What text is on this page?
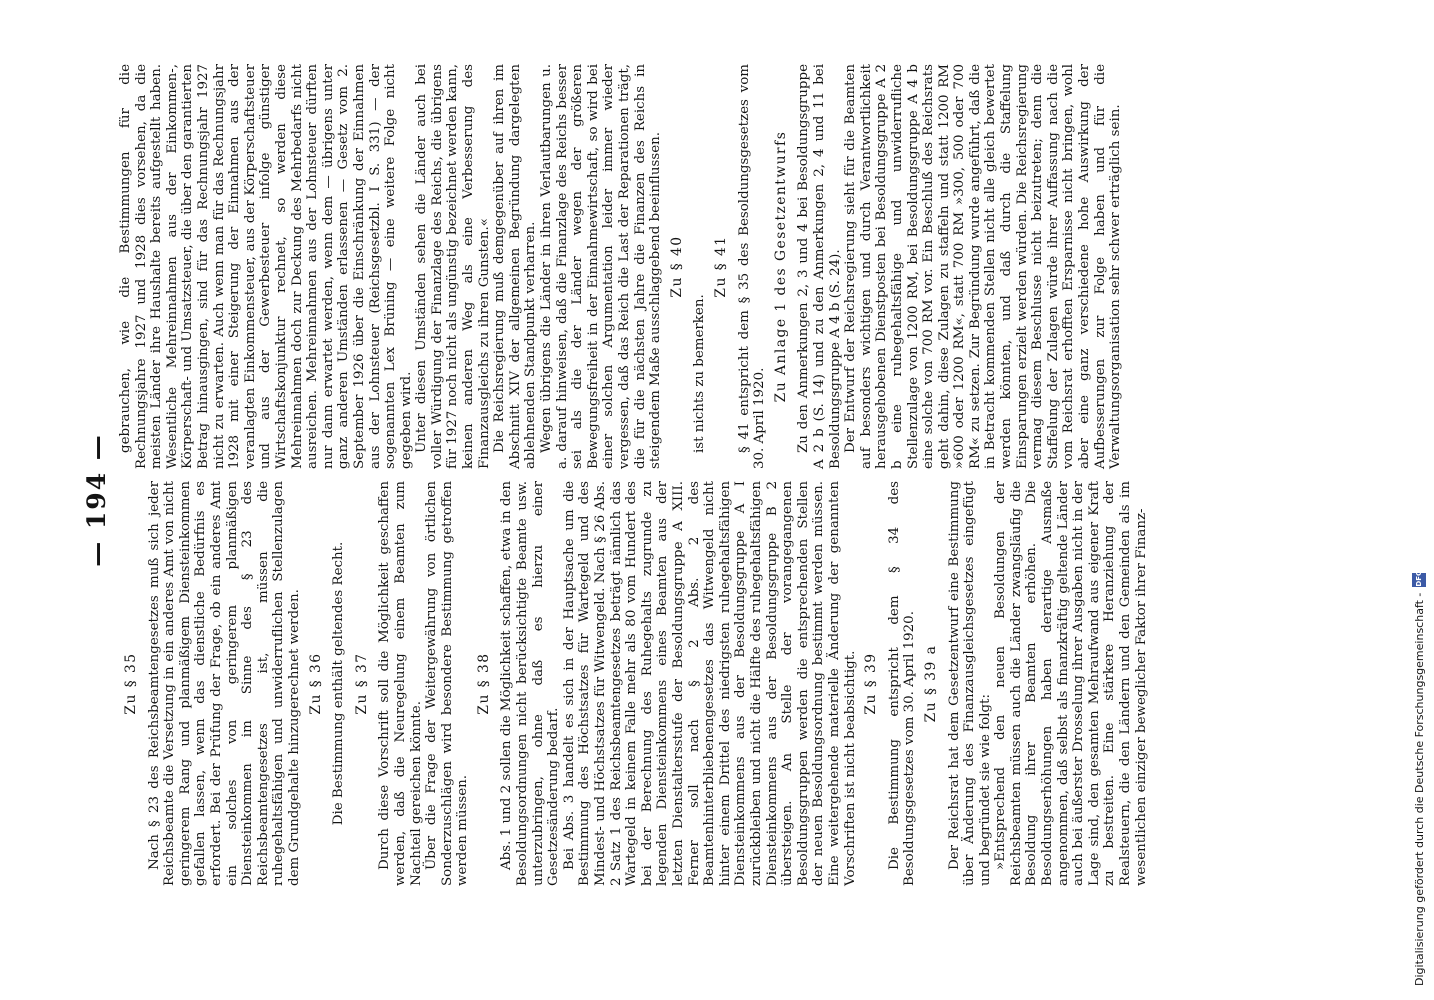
— 194 —

gebrauchen, wie die Bestimmungen für die Rechnungsjahre 1927 und 1928 dies vorsehen, da die meisten Länder ihre Haushalte bereits aufgestellt haben. Wesentliche Mehreinnahmen aus der Einkommen-, Körperschaft- und Umsatzsteuer, die über den garantierten Betrag hinausgingen, sind für das Rechnungsjahr 1927 nicht zu erwarten. Auch wenn man für das Rechnungsjahr 1928 mit einer Steigerung der Einnahmen aus der veranlagten Einkommensteuer, aus der Körperschaftsteuer und aus der Gewerbesteuer infolge günstiger Wirtschaftskonjunktur rechnet, so werden diese Mehreinnahmen doch zur Deckung des Mehrbedarfs nicht ausreichen. Mehreinnahmen aus der Lohnsteuer dürften nur dann erwartet werden, wenn dem — übrigens unter ganz anderen Umständen erlassenen — Gesetz vom 2. September 1926 über die Einschränkung der Einnahmen aus der Lohnsteuer (Reichsgesetzbl. I S. 331) — der sogenannten Lex Brüning — eine weitere Folge nicht gegeben wird. Unter diesen Umständen sehen die Länder auch bei voller Würdigung der Finanzlage des Reichs, die übrigens für 1927 noch nicht als ungünstig bezeichnet werden kann, keinen anderen Weg als eine Verbesserung des Finanzausgleichs zu ihren Gunsten.« Die Reichsregierung muß demgegenüber auf ihren im Abschnitt XIV der allgemeinen Begründung dargelegten ablehnenden Standpunkt verharren. Wegen übrigens die Länder in ihren Verlautbarungen u. a. darauf hinweisen, daß die Finanzlage des Reichs besser sei als die der Länder wegen der größeren Bewegungsfreiheit in der Einnahmewirtschaft, so wird bei einer solchen Argumentation leider immer wieder vergessen, daß das Reich die Last der Reparationen trägt, die für die nächsten Jahre die Finanzen des Reichs in steigendem Maße ausschlaggebend beeinflussen. Zu § 40

ist nichts zu bemerken.

Zu § 41 § 41 entspricht dem § 35 des Besoldungsgesetzes vom 30. April 1920.

Zu Anlage 1 des Gesetzentwurfs Zu den Anmerkungen 2, 3 und 4 bei Besoldungsgruppe A 2 b (S. 14) und zu den Anmerkungen 2, 4 und 11 bei Besoldungsgruppe A 4 b (S. 24). Der Entwurf der Reichsregierung sieht für die Beamten auf besonders wichtigen und durch Verantwortlichkeit herausgehobenen Dienstposten bei Besoldungsgruppe A 2 b eine ruhegehaltsfähige und unwiderrufliche Stellenzulage von 1200 RM, bei Besoldungsgruppe A 4 b eine solche von 700 RM vor. Ein Beschluß des Reichsrats geht dahin, diese Zulagen zu staffeln und statt 1200 RM »600 oder 1200 RM«, statt 700 RM »300, 500 oder 700 RM« zu setzen. Zur Begründung wurde angeführt, daß die in Betracht kommenden Stellen nicht alle gleich bewertet werden könnten, und daß durch die Staffelung Einsparungen erzielt werden würden. Die Reichsregierung vermag diesem Beschlusse nicht beizutreten; denn die Staffelung der Zulagen würde ihrer Auffassung nach die vom Reichsrat erhofften Ersparnisse nicht bringen, wohl aber eine ganz verschiedene hohe Auswirkung der Aufbesserungen zur Folge haben und für die Verwaltungsorganisation sehr schwer erträglich sein.

Zu § 35 Nach § 23 des Reichsbeamtengesetzes muß sich jeder Reichsbeamte die Versetzung in ein anderes Amt von nicht geringerem Rang und planmäßigem Diensteinkommen gefallen lassen, wenn das dienstliche Bedürfnis es erfordert. Bei der Prüfung der Frage, ob ein anderes Amt ein solches von geringerem planmäßigen Diensteinkommen im Sinne des § 23 des Reichsbeamtengesetzes ist, müssen die ruhegehaltsfähigen und unwiderruflichen Stellenzulagen dem Grundgehalte hinzugerechnet werden. Zu § 36 Die Bestimmung enthält geltendes Recht. Zu § 37 Durch diese Vorschrift soll die Möglichkeit geschaffen werden, daß die Neuregelung einem Beamten zum Nachteil gereichen könnte. Über die Frage der Weitergewährung von örtlichen Sonderzuschlägen wird besondere Bestimmung getroffen werden müssen.

Zu § 38 Abs. 1 und 2 sollen die Möglichkeit schaffen, etwa in den Besoldungsordnungen nicht berücksichtigte Beamte usw. unterzubringen, ohne daß es hierzu einer Gesetzesänderung bedarf. Bei Abs. 3 handelt es sich in der Hauptsache um die Bestimmung des Höchstsatzes für Wartegeld und des Mindest- und Höchstsatzes für Witwengeld. Nach § 26 Abs. 2 Satz 1 des Reichsbeamtengesetzes beträgt nämlich das Wartegeld in keinem Falle mehr als 80 vom Hundert des bei der Berechnung des Ruhegehalts zugrunde zu legenden Diensteinkommens eines Beamten aus der letzten Dienstaltersstufe der Besoldungsgruppe A XIII. Ferner soll nach § 2 Abs. 2 des Beamtenhinterbliebenengesetzes das Witwengeld nicht hinter einem Drittel des niedrigsten ruhegehaltsfähigen Diensteinkommens aus der Besoldungsgruppe A I zurückbleiben und nicht die Hälfte des ruhegehaltsfähigen Diensteinkommens aus der Besoldungsgruppe B 2 übersteigen. An Stelle der vorangegangenen Besoldungsgruppen werden die entsprechenden Stellen der neuen Besoldungsordnung bestimmt werden müssen. Eine weitergehende materielle Änderung der genannten Vorschriften ist nicht beabsichtigt. Zu § 39 Die Bestimmung entspricht dem § 34 des Besoldungsgesetzes vom 30. April 1920. Zu § 39 a Der Reichsrat hat dem Gesetzentwurf eine Bestimmung über Änderung des Finanzausgleichsgesetzes eingefügt und begründet sie wie folgt: »Entsprechend den neuen Besoldungen der Reichsbeamten müssen auch die Länder zwangsläufig die Besoldung ihrer Beamten erhöhen. Die Besoldungserhöhungen haben derartige Ausmaße angenommen, daß selbst als finanzkräftig geltende Länder auch bei äußerster Drosselung ihrer Ausgaben nicht in der Lage sind, den gesamten Mehraufwand aus eigener Kraft zu bestreiten. Eine stärkere Heranziehung der Realsteuern, die den Ländern und den Gemeinden als im wesentlichen einziger beweglicher Faktor ihrer Finanz-	Digitalisierung gefördert durch die Deutsche Forschungsgemeinschaft -
DFG
